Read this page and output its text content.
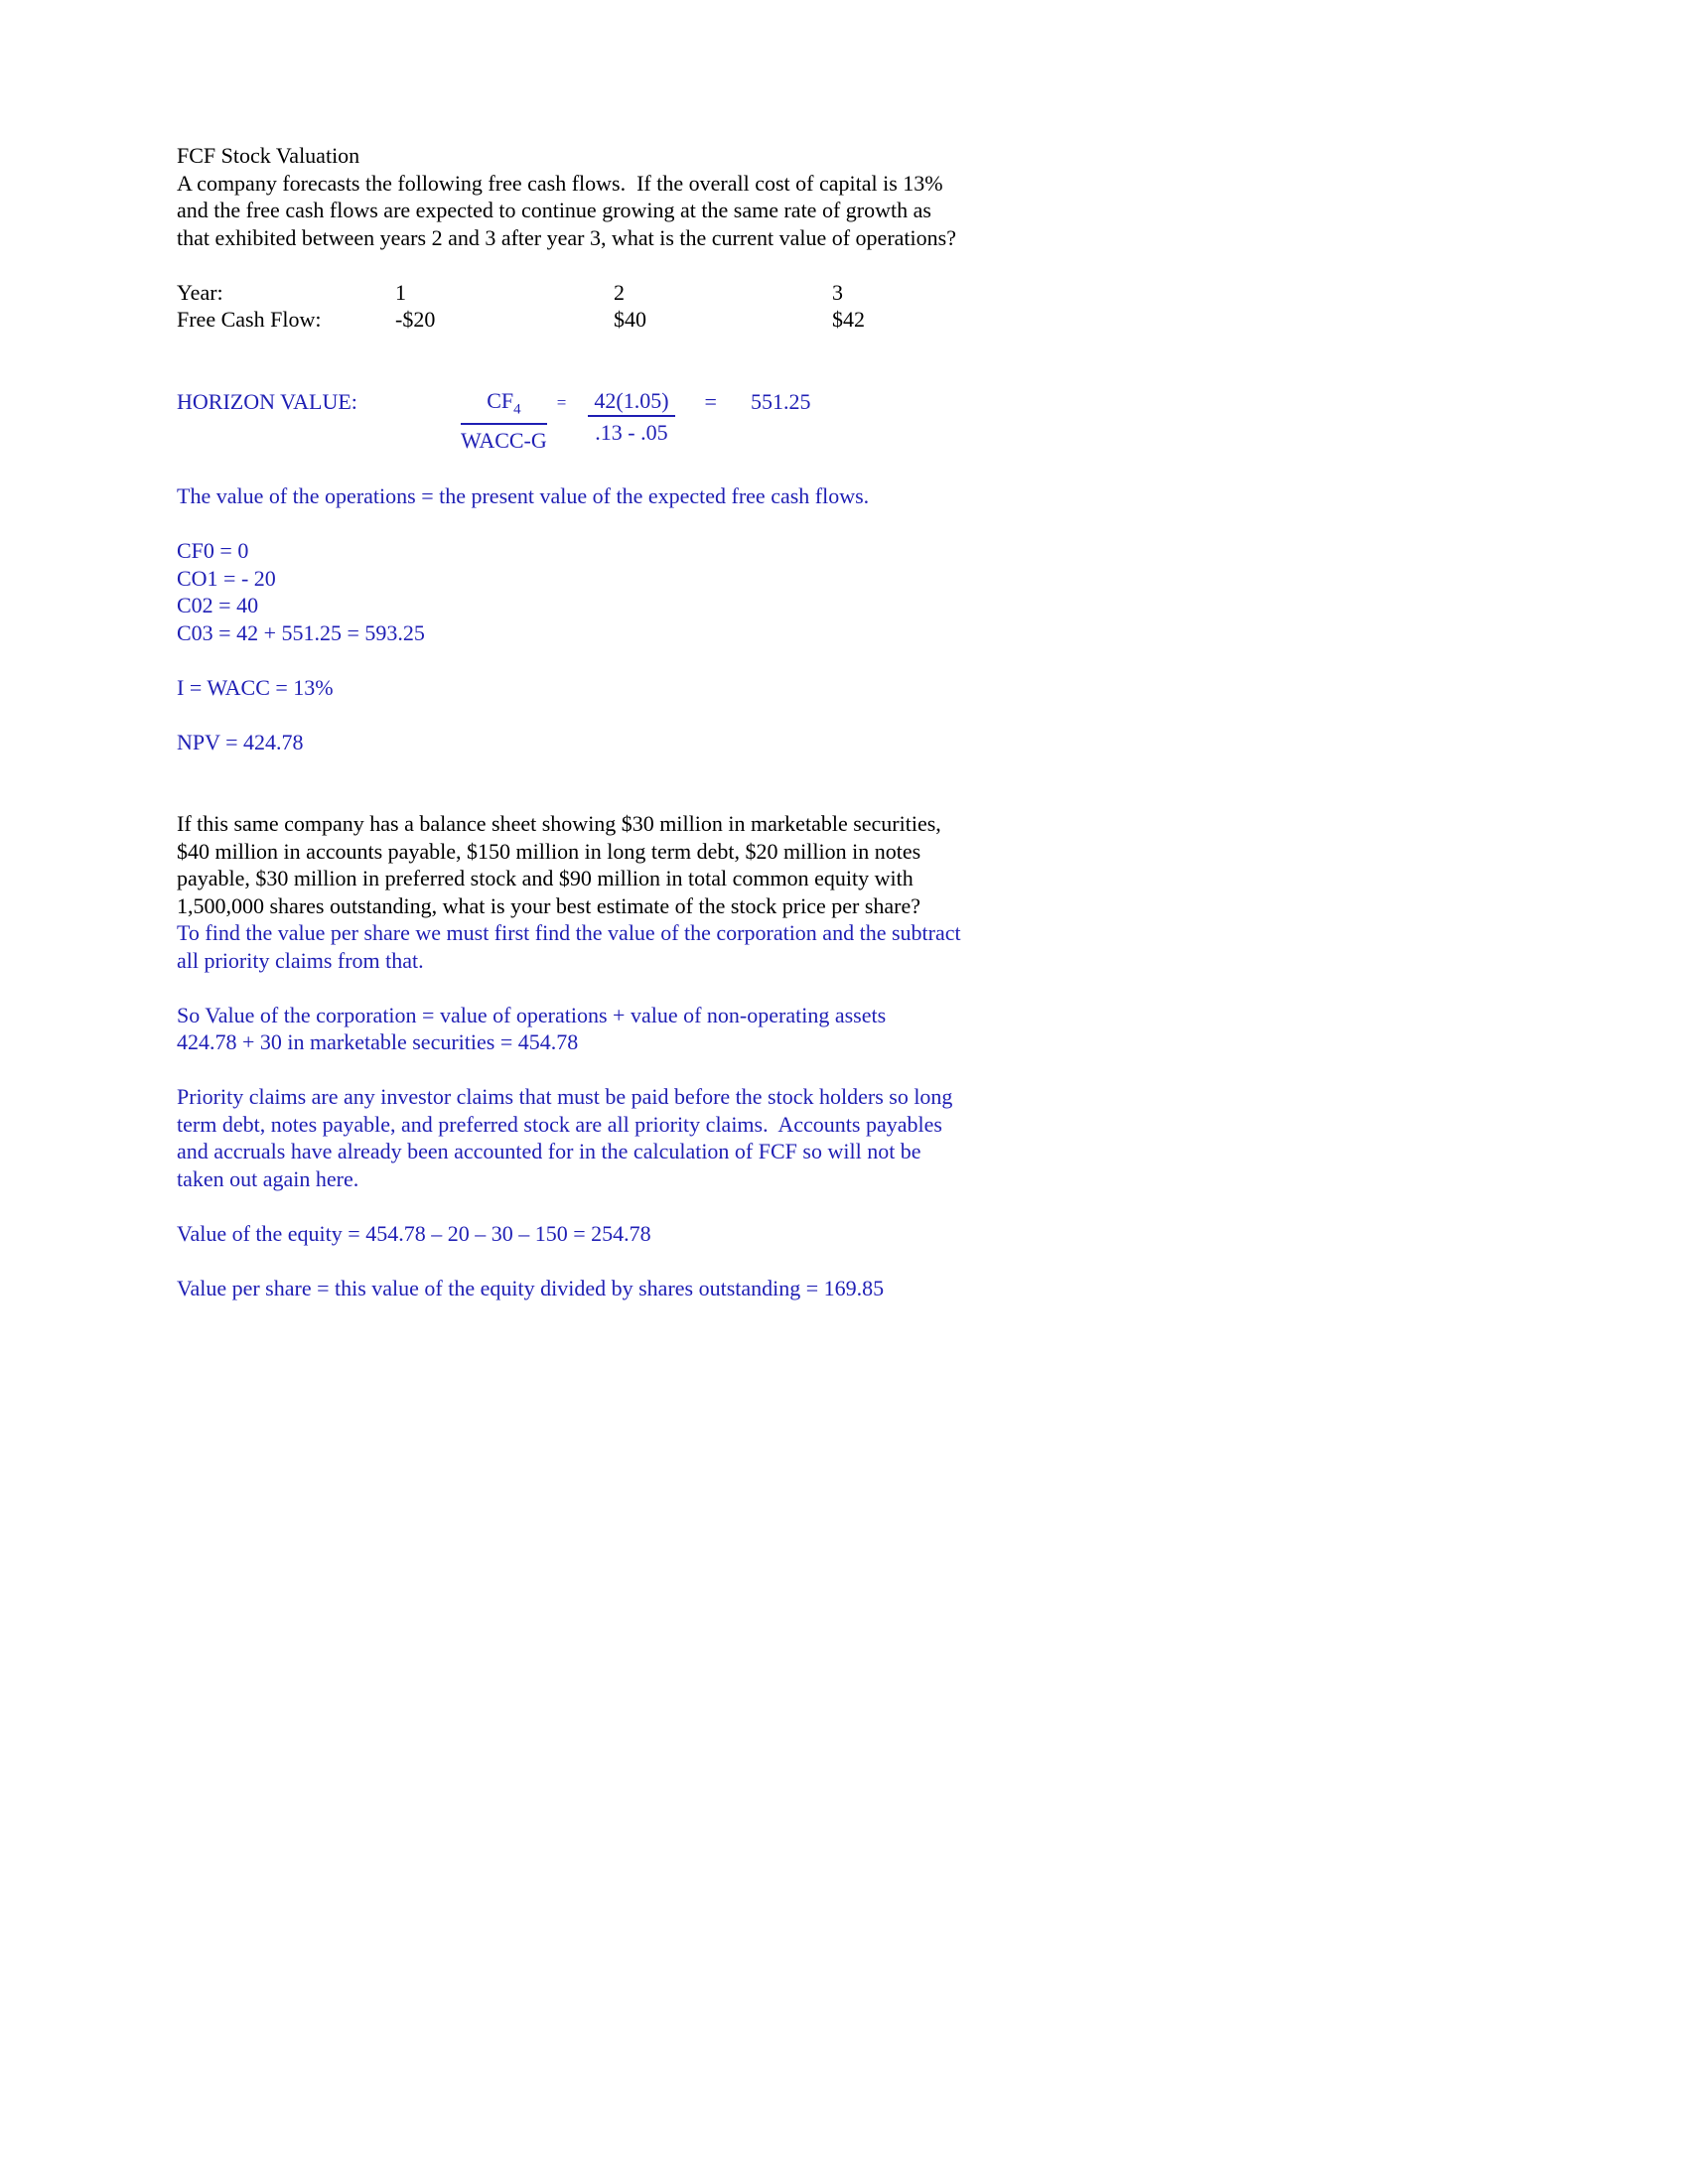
FCF Stock Valuation
A company forecasts the following free cash flows.  If the overall cost of capital is 13%
and the free cash flows are expected to continue growing at the same rate of growth as
that exhibited between years 2 and 3 after year 3, what is the current value of operations?
Year:	1	2	3
Free Cash Flow:	-$20	$40	$42
HORIZON VALUE:	$\frac{CF_4}{\text{WACC-G}} = \frac{42(1.05)}{.13 - .05} = 551.25$
The value of the operations = the present value of the expected free cash flows.
CF0 = 0
CO1 = - 20
C02 = 40
C03 = 42 + 551.25 = 593.25
I = WACC = 13%
NPV = 424.78
If this same company has a balance sheet showing $30 million in marketable securities,
$40 million in accounts payable, $150 million in long term debt, $20 million in notes
payable, $30 million in preferred stock and $90 million in total common equity with
1,500,000 shares outstanding, what is your best estimate of the stock price per share?
To find the value per share we must first find the value of the corporation and the subtract
all priority claims from that.
So Value of the corporation = value of operations + value of non-operating assets
424.78 + 30 in marketable securities = 454.78
Priority claims are any investor claims that must be paid before the stock holders so long
term debt, notes payable, and preferred stock are all priority claims.  Accounts payables
and accruals have already been accounted for in the calculation of FCF so will not be
taken out again here.
Value of the equity = 454.78 – 20 – 30 – 150 = 254.78
Value per share = this value of the equity divided by shares outstanding = 169.85
